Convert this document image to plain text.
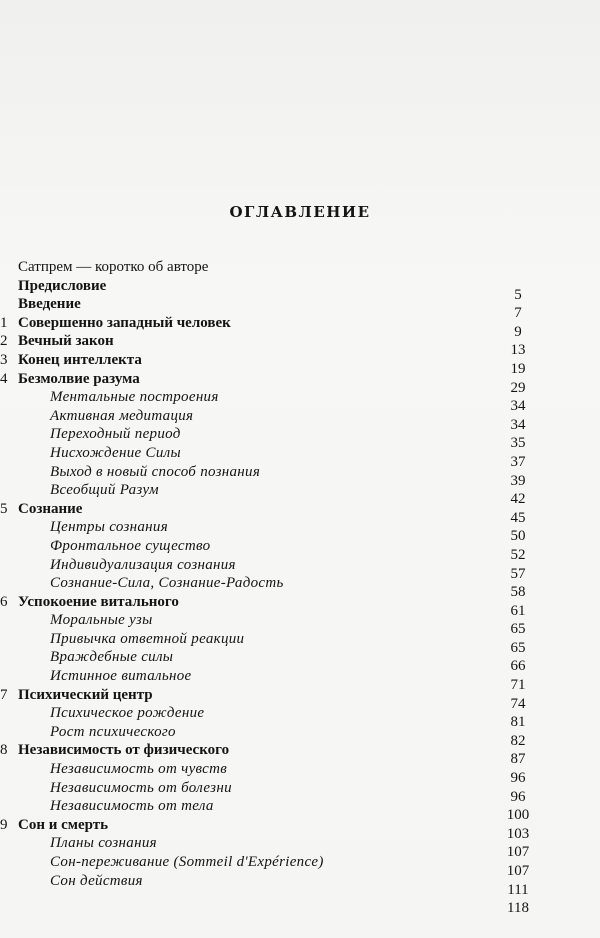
ОГЛАВЛЕНИЕ
Сатпрем — коротко об авторе
Предисловие
5
Введение
7
1 Совершенно западный человек
9
2 Вечный закон
13
3 Конец интеллекта
19
4 Безмолвие разума
29
Ментальные построения
34
Активная медитация
34
Переходный период
35
Нисхождение Силы
37
Выход в новый способ познания
39
Всеобщий Разум
42
5 Сознание
45
Центры сознания
50
Фронтальное существо
52
Индивидуализация сознания
57
Сознание-Сила, Сознание-Радость
58
6 Успокоение витального
61
Моральные узы
65
Привычка ответной реакции
65
Враждебные силы
66
Истинное витальное
71
7 Психический центр
74
Психическое рождение
81
Рост психического
82
8 Независимость от физического
87
Независимость от чувств
96
Независимость от болезни
96
Независимость от тела
100
9 Сон и смерть
103
Планы сознания
107
Сон-переживание (Sommeil d'Expérience)
107
Сон действия
111
118
